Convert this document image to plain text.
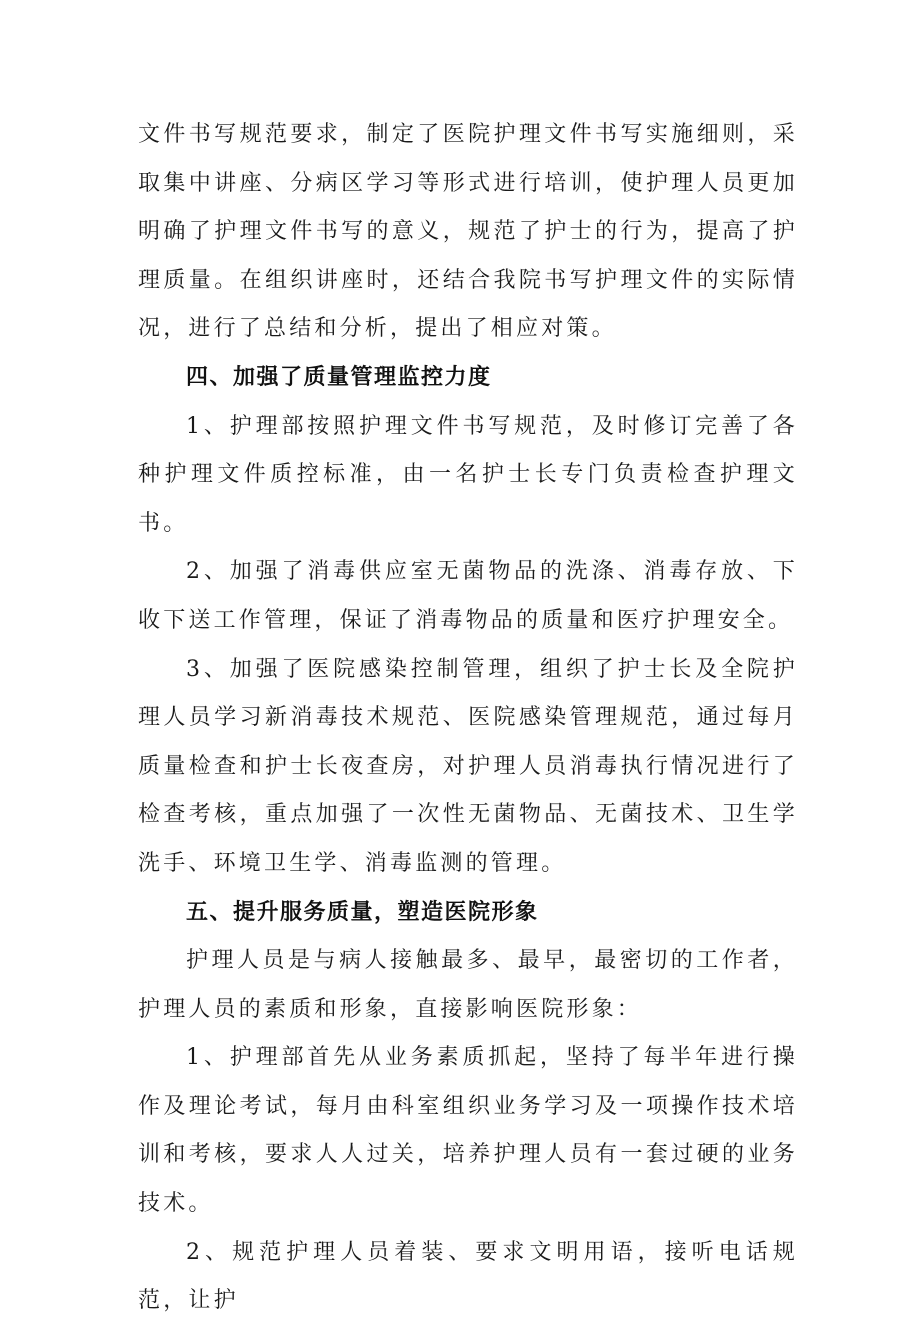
文件书写规范要求，制定了医院护理文件书写实施细则，采取集中讲座、分病区学习等形式进行培训，使护理人员更加明确了护理文件书写的意义，规范了护士的行为，提高了护理质量。在组织讲座时，还结合我院书写护理文件的实际情况，进行了总结和分析，提出了相应对策。

四、加强了质量管理监控力度

1、护理部按照护理文件书写规范，及时修订完善了各种护理文件质控标准，由一名护士长专门负责检查护理文书。

2、加强了消毒供应室无菌物品的洗涤、消毒存放、下收下送工作管理，保证了消毒物品的质量和医疗护理安全。

3、加强了医院感染控制管理，组织了护士长及全院护理人员学习新消毒技术规范、医院感染管理规范，通过每月质量检查和护士长夜查房，对护理人员消毒执行情况进行了检查考核，重点加强了一次性无菌物品、无菌技术、卫生学洗手、环境卫生学、消毒监测的管理。

五、提升服务质量，塑造医院形象

护理人员是与病人接触最多、最早，最密切的工作者，护理人员的素质和形象，直接影响医院形象：

1、护理部首先从业务素质抓起，坚持了每半年进行操作及理论考试，每月由科室组织业务学习及一项操作技术培训和考核，要求人人过关，培养护理人员有一套过硬的业务技术。

2、规范护理人员着装、要求文明用语，接听电话规范，让护
